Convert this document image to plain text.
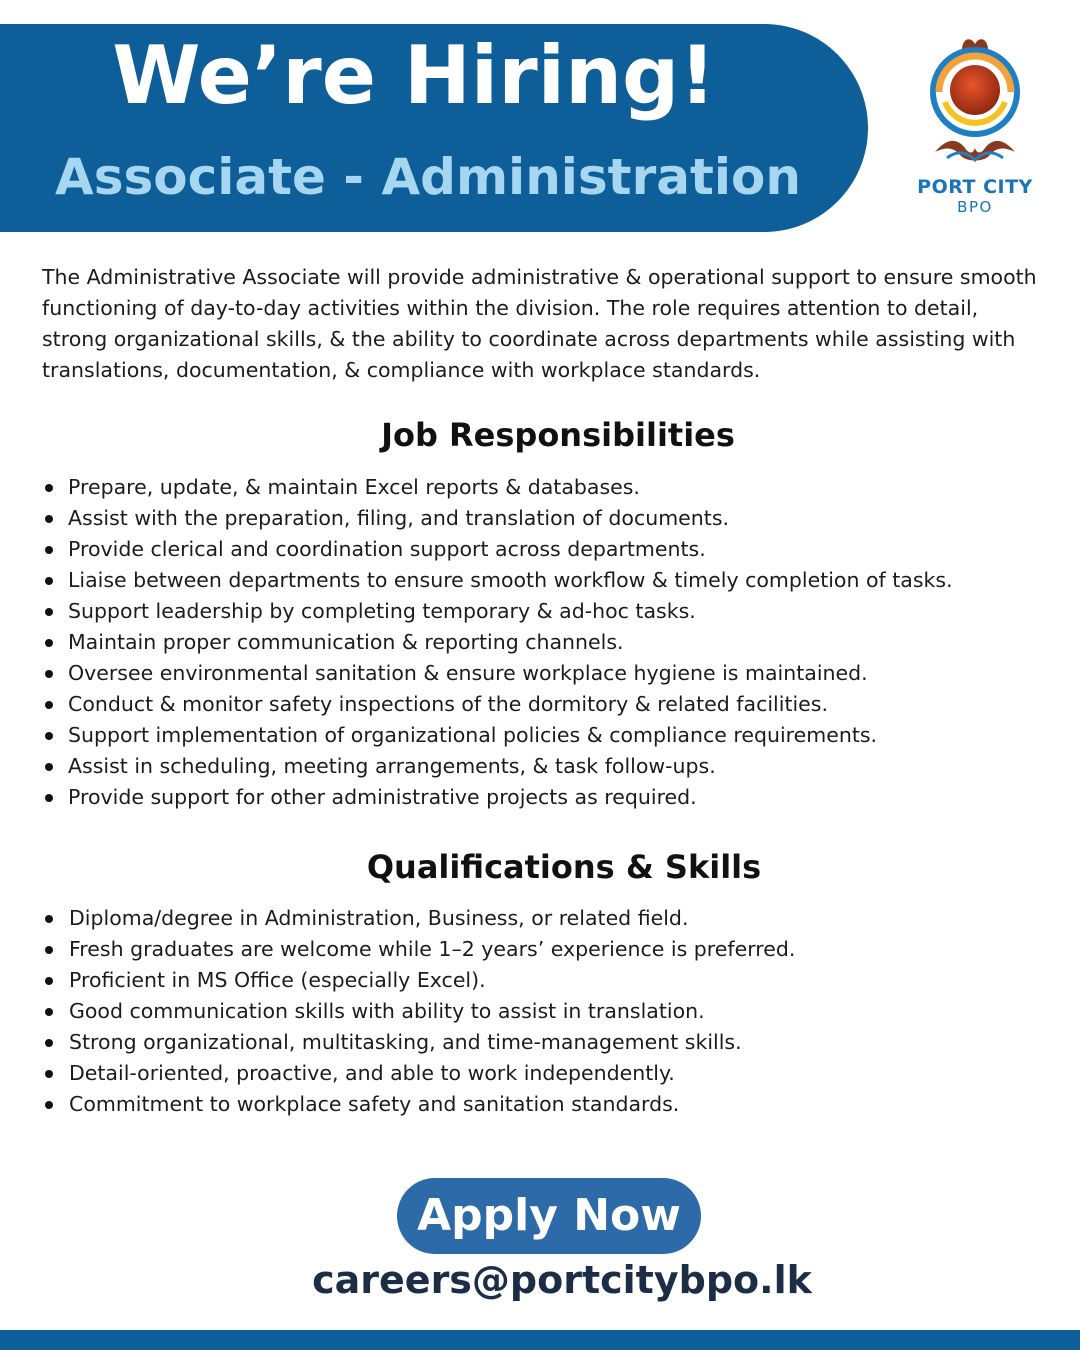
We’re Hiring!
Associate - Administration	PORT CITY
BPO

The Administrative Associate will provide administrative & operational support to ensure smooth functioning of day-to-day activities within the division. The role requires attention to detail, strong organizational skills, & the ability to coordinate across departments while assisting with translations, documentation, & compliance with workplace standards.

Job Responsibilities
Prepare, update, & maintain Excel reports & databases.
Assist with the preparation, filing, and translation of documents.
Provide clerical and coordination support across departments.
Liaise between departments to ensure smooth workflow & timely completion of tasks.
Support leadership by completing temporary & ad-hoc tasks.
Maintain proper communication & reporting channels.
Oversee environmental sanitation & ensure workplace hygiene is maintained.
Conduct & monitor safety inspections of the dormitory & related facilities.
Support implementation of organizational policies & compliance requirements.
Assist in scheduling, meeting arrangements, & task follow-ups.
Provide support for other administrative projects as required.
Qualifications & Skills
Diploma/degree in Administration, Business, or related field.
Fresh graduates are welcome while 1–2 years’ experience is preferred.
Proficient in MS Office (especially Excel).
Good communication skills with ability to assist in translation.
Strong organizational, multitasking, and time-management skills.
Detail-oriented, proactive, and able to work independently.
Commitment to workplace safety and sanitation standards.
Apply Now

careers@portcitybpo.lk
